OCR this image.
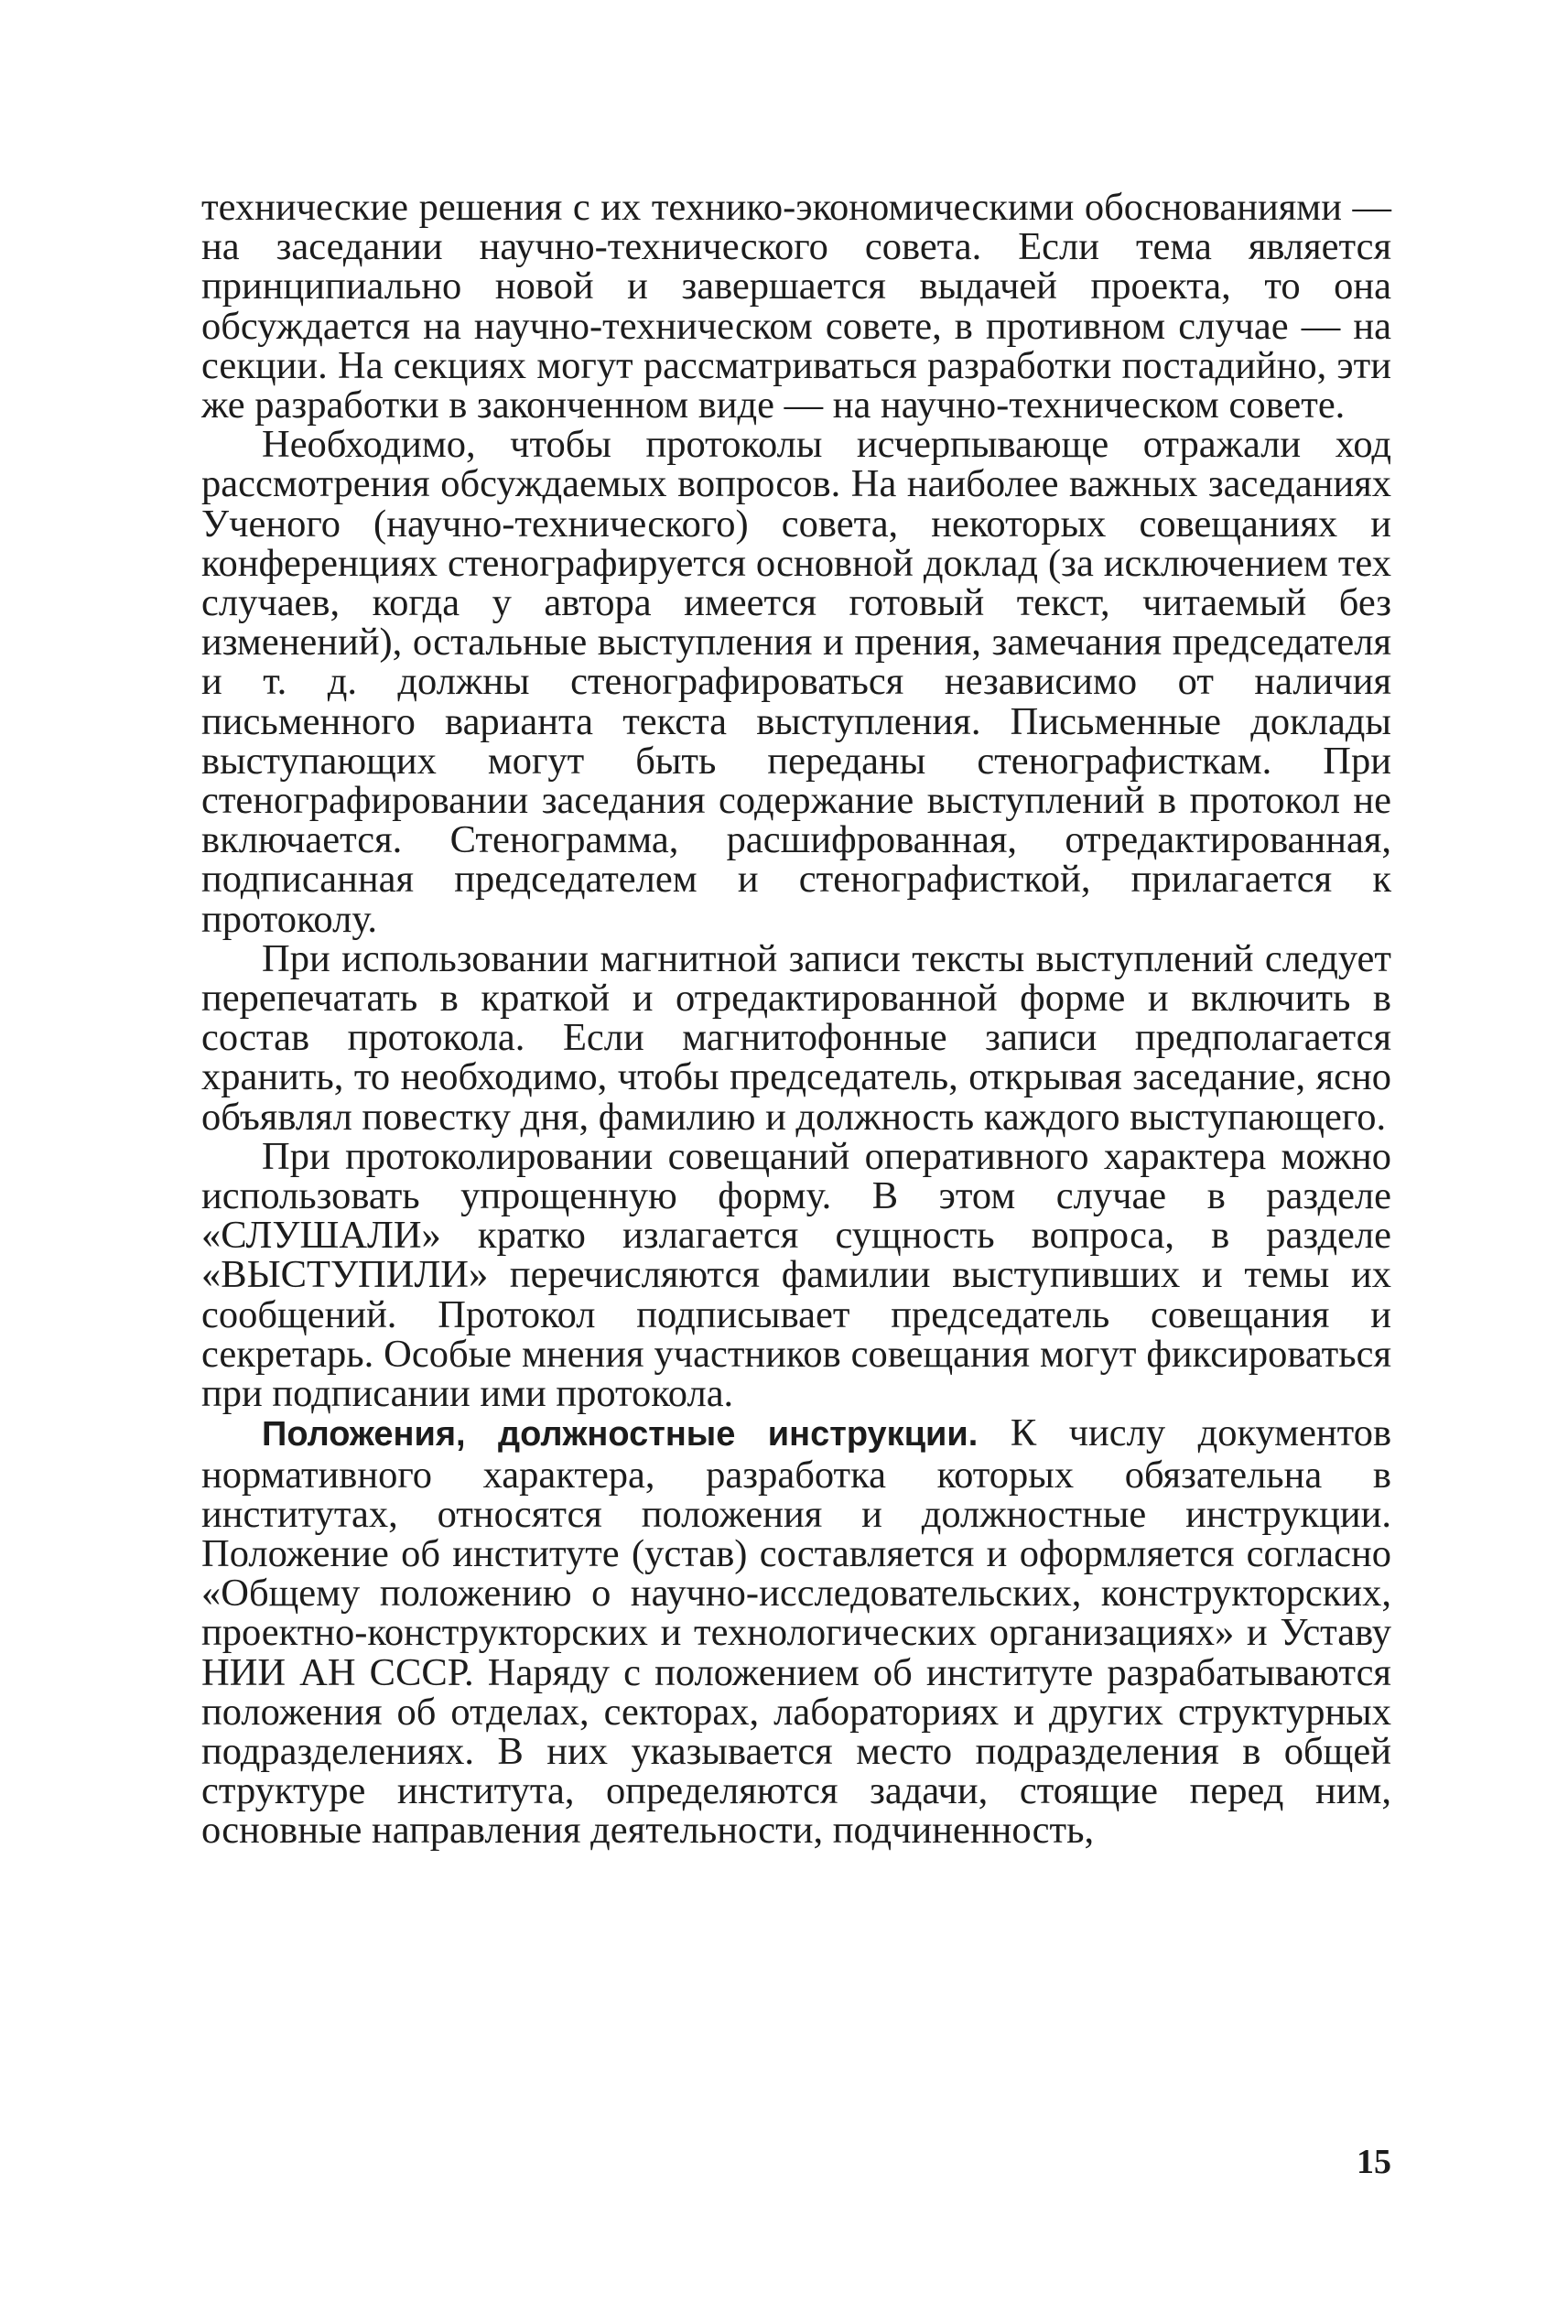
технические решения с их технико-экономическими обоснованиями — на заседании научно-технического совета. Если тема является принципиально новой и завершается выдачей проекта, то она обсуждается на научно-техническом совете, в противном случае — на секции. На секциях могут рассматриваться разработки постадийно, эти же разработки в законченном виде — на научно-техническом совете.

Необходимо, чтобы протоколы исчерпывающе отражали ход рассмотрения обсуждаемых вопросов. На наиболее важных заседаниях Ученого (научно-технического) совета, некоторых совещаниях и конференциях стенографируется основной доклад (за исключением тех случаев, когда у автора имеется готовый текст, читаемый без изменений), остальные выступления и прения, замечания председателя и т. д. должны стенографироваться независимо от наличия письменного варианта текста выступления. Письменные доклады выступающих могут быть переданы стенографисткам. При стенографировании заседания содержание выступлений в протокол не включается. Стенограмма, расшифрованная, отредактированная, подписанная председателем и стенографисткой, прилагается к протоколу.

При использовании магнитной записи тексты выступлений следует перепечатать в краткой и отредактированной форме и включить в состав протокола. Если магнитофонные записи предполагается хранить, то необходимо, чтобы председатель, открывая заседание, ясно объявлял повестку дня, фамилию и должность каждого выступающего.

При протоколировании совещаний оперативного характера можно использовать упрощенную форму. В этом случае в разделе «СЛУШАЛИ» кратко излагается сущность вопроса, в разделе «ВЫСТУПИЛИ» перечисляются фамилии выступивших и темы их сообщений. Протокол подписывает председатель совещания и секретарь. Особые мнения участников совещания могут фиксироваться при подписании ими протокола.

Положения, должностные инструкции. К числу документов нормативного характера, разработка которых обязательна в институтах, относятся положения и должностные инструкции. Положение об институте (устав) составляется и оформляется согласно «Общему положению о научно-исследовательских, конструкторских, проектно-конструкторских и технологических организациях» и Уставу НИИ АН СССР. Наряду с положением об институте разрабатываются положения об отделах, секторах, лабораториях и других структурных подразделениях. В них указывается место подразделения в общей структуре института, определяются задачи, стоящие перед ним, основные направления деятельности, подчиненность,

15
